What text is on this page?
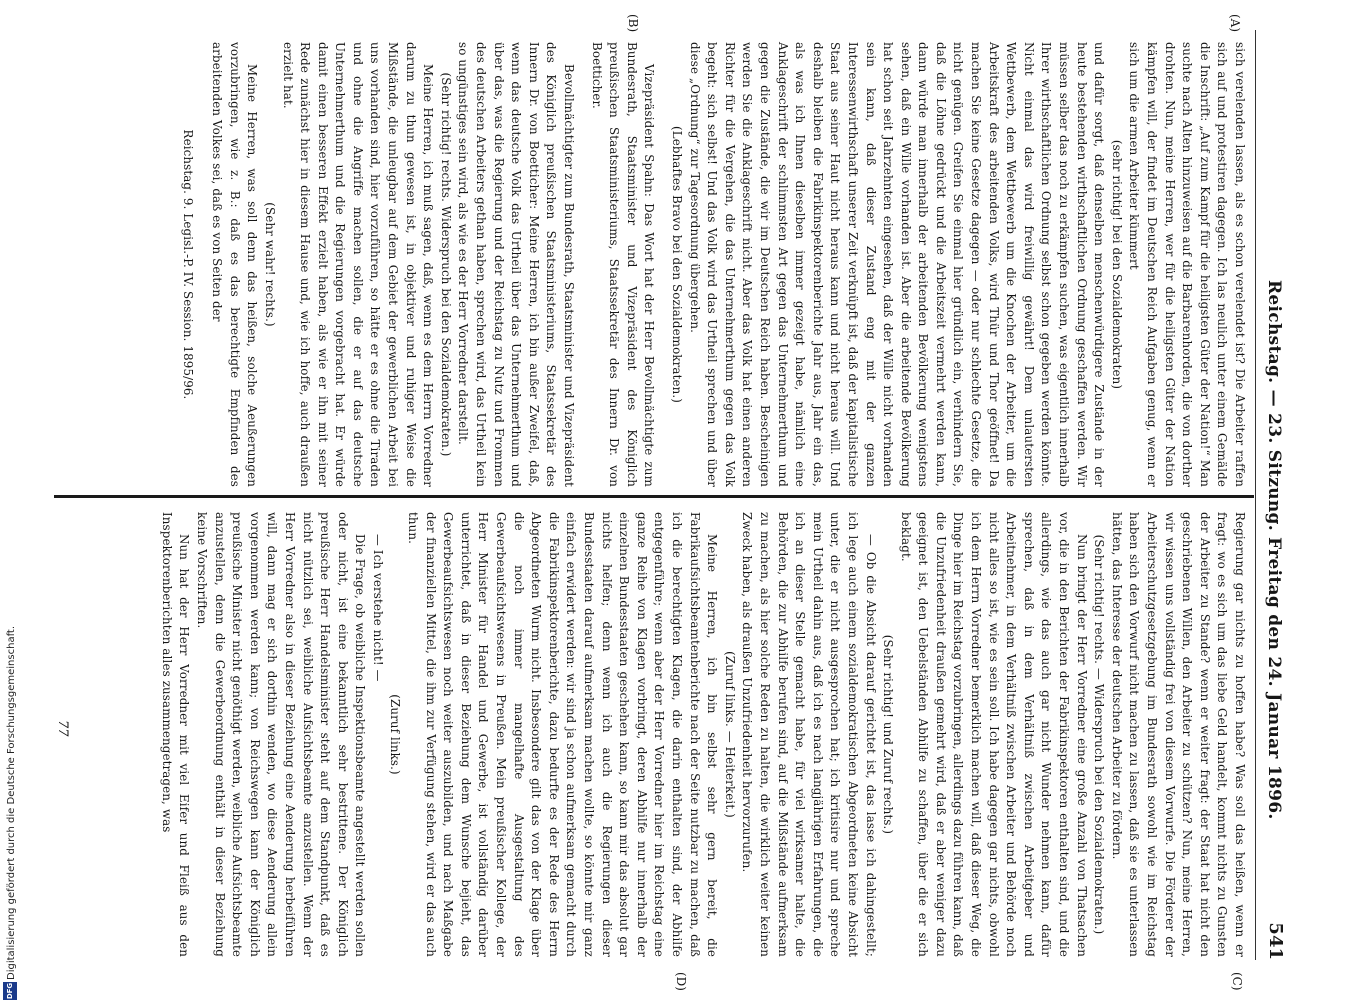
Reichstag. — 23. Sitzung. Freitag den 24. Januar 1896.
541
(A)
(B)
(C)
(D)

sich verelenden lassen, als es schon verelendet ist? Die Arbeiter raffen sich auf und protestiren dagegen. Ich las neulich unter einem Gemälde die Inschrift: „Auf zum Kampf für die heiligsten Güter der Nation!“ Man suchte nach Alten hinzuweisen auf die Barbarenhorden, die von dorther drohten. Nun, meine Herren, wer für die heiligsten Güter der Nation kämpfen will, der findet im Deutschen Reich Aufgaben genug, wenn er sich um die armen Arbeiter kümmert

(sehr richtig! bei den Sozialdemokraten)

und dafür sorgt, daß denselben menschenwürdigere Zustände in der heute bestehenden wirthschaftlichen Ordnung geschaffen werden. Wir müssen selber das noch zu erkämpfen suchen, was eigentlich innerhalb Ihrer wirthschaftlichen Ordnung selbst schon gegeben werden könnte. Nicht einmal das wird freiwillig gewährt! Dem unlautersten Wettbewerb, dem Wettbewerb um die Knochen der Arbeiter, um die Arbeitskraft des arbeitenden Volks, wird Thür und Thor geöffnet! Da machen Sie keine Gesetze dagegen — oder nur schlechte Gesetze, die nicht genügen. Greifen Sie einmal hier gründlich ein, verhindern Sie, daß die Löhne gedrückt und die Arbeitszeit vermehrt werden kann, dann würde man innerhalb der arbeitenden Bevölkerung wenigstens sehen, daß ein Wille vorhanden ist. Aber die arbeitende Bevölkerung hat schon seit Jahrzehnten eingesehen, daß der Wille nicht vorhanden sein kann, daß dieser Zustand eng mit der ganzen Interessenwirthschaft unserer Zeit verknüpft ist, daß der kapitalistische Staat aus seiner Haut nicht heraus kann und nicht heraus will. Und deshalb bleiben die Fabrikinspektorenberichte Jahr aus, Jahr ein das, als was ich Ihnen dieselben immer gezeigt habe, nämlich eine Anklageschrift der schlimmsten Art gegen das Unternehmerthum und gegen die Zustände, die wir im Deutschen Reich haben. Bescheinigen werden Sie die Anklageschrift nicht. Aber das Volk hat einen anderen Richter für die Vergehen, die das Unternehmerthum gegen das Volk begeht: sich selbst! Und das Volk wird das Urtheil sprechen und über diese „Ordnung“ zur Tagesordnung übergehen.

(Lebhaftes Bravo bei den Sozialdemokraten.)

Vizepräsident Spahn: Das Wort hat der Herr Bevollmächtigte zum Bundesrath, Staatsminister und Vizepräsident des Königlich preußischen Staatsministeriums, Staatssekretär des Innern Dr. von Boetticher.

Bevollmächtigter zum Bundesrath, Staatsminister und Vizepräsident des Königlich preußischen Staatsministeriums, Staatssekretär des Innern Dr. von Boetticher: Meine Herren, ich bin außer Zweifel, daß, wenn das deutsche Volk das Urtheil über das Unternehmerthum und über das, was die Regierung und der Reichstag zu Nutz und Frommen des deutschen Arbeiters gethan haben, sprechen wird, das Urtheil kein so ungünstiges sein wird, als wie es der Herr Vorredner darstellt.

(Sehr richtig! rechts. Widerspruch bei den Sozialdemokraten.)

Meine Herren, ich muß sagen, daß, wenn es dem Herrn Vorredner darum zu thun gewesen ist, in objektiver und ruhiger Weise die Mißstände, die unleugbar auf dem Gebiet der gewerblichen Arbeit bei uns vorhanden sind, hier vorzuführen, so hätte er es ohne die Tiraden und ohne die Angriffe machen sollen, die er auf das deutsche Unternehmerthum und die Regierungen vorgebracht hat. Er würde damit einen besseren Effekt erzielt haben, als wie er ihn mit seiner Rede zunächst hier in diesem Hause und, wie ich hoffe, auch draußen erzielt hat.

(Sehr wahr! rechts.)

Meine Herren, was soll denn das heißen, solche Aeußerungen vorzubringen, wie z. B.: daß es das berechtigte Empfinden des arbeitenden Volkes sei, daß es von Seiten der

Reichstag. 9. Legisl.-P. IV. Session. 1895/96.

Regierung gar nichts zu hoffen habe? Was soll das heißen, wenn er fragt: wo es sich um das liebe Geld handelt, kommt nichts zu Gunsten der Arbeiter zu Stande? wenn er weiter fragt: der Staat hat nicht den geschriebenen Willen, den Arbeiter zu schützen? Nun, meine Herren, wir wissen uns vollständig frei von diesem Vorwurfe. Die Förderer der Arbeiterschutzgesetzgebung im Bundesrath sowohl wie im Reichstag haben sich den Vorwurf nicht machen zu lassen, daß sie es unterlassen hätten, das Interesse der deutschen Arbeiter zu fördern.

(Sehr richtig! rechts. — Widerspruch bei den Sozialdemokraten.)

Nun bringt der Herr Vorredner eine große Anzahl von Thatsachen vor, die in den Berichten der Fabrikinspektoren enthalten sind, und die allerdings, wie das auch gar nicht Wunder nehmen kann, dafür sprechen, daß in dem Verhältniß zwischen Arbeitgeber und Arbeitnehmer, in dem Verhältniß zwischen Arbeiter und Behörde noch nicht alles so ist, wie es sein soll. Ich habe dagegen gar nichts, obwohl ich dem Herrn Vorredner bemerklich machen will, daß dieser Weg, die Dinge hier im Reichstag vorzubringen, allerdings dazu führen kann, daß die Unzufriedenheit draußen gemehrt wird, daß er aber weniger dazu geeignet ist, den Uebelständen Abhilfe zu schaffen, über die er sich beklagt.

(Sehr richtig! und Zuruf rechts.)

— Ob die Absicht darauf gerichtet ist, das lasse ich dahingestellt; ich lege auch einem sozialdemokratischen Abgeordneten keine Absicht unter, die er nicht ausgesprochen hat; ich kritisire nur und spreche mein Urtheil dahin aus, daß ich es nach langjährigen Erfahrungen, die ich an dieser Stelle gemacht habe, für viel wirksamer halte, die Behörden, die zur Abhilfe berufen sind, auf die Mißstände aufmerksam zu machen, als hier solche Reden zu halten, die wirklich weiter keinen Zweck haben, als draußen Unzufriedenheit hervorzurufen.

(Zuruf links. — Heiterkeit.)

Meine Herren, ich bin selbst sehr gern bereit, die Fabrikaufsichtsbeamtenberichte nach der Seite nutzbar zu machen, daß ich die berechtigten Klagen, die darin enthalten sind, der Abhilfe entgegenführe; wenn aber der Herr Vorredner hier im Reichstag eine ganze Reihe von Klagen vorbringt, deren Abhilfe nur innerhalb der einzelnen Bundesstaaten geschehen kann, so kann mir das absolut gar nichts helfen; denn wenn ich auch die Regierungen dieser Bundesstaaten darauf aufmerksam machen wollte, so könnte mir ganz einfach erwidert werden: wir sind ja schon aufmerksam gemacht durch die Fabrikinspektorenberichte, dazu bedurfte es der Rede des Herrn Abgeordneten Wurm nicht. Insbesondere gilt das von der Klage über die noch immer mangelhafte Ausgestaltung des Gewerbeaufsichtswesens in Preußen. Mein preußischer Kollege, der Herr Minister für Handel und Gewerbe, ist vollständig darüber unterrichtet, daß in dieser Beziehung dem Wunsche bejieht, das Gewerbeaufsichtswesen noch weiter auszubilden, und nach Maßgabe der finanziellen Mittel, die ihm zur Verfügung stehen, wird er das auch thun.

(Zuruf links.)

— Ich verstehe nicht! —

Die Frage, ob weibliche Inspektionsbeamte angestellt werden sollen oder nicht, ist eine bekanntlich sehr bestrittene. Der Königlich preußische Herr Handelsminister steht auf dem Standpunkt, daß es nicht nützlich sei, weibliche Aufsichtsbeamte anzustellen. Wenn der Herr Vorredner also in dieser Beziehung eine Aenderung herbeiführen will, dann mag er sich dorthin wenden, wo diese Aenderung allein vorgenommen werden kann; von Reichswegen kann der Königlich preußische Minister nicht genöthigt werden, weibliche Aufsichtsbeamte anzustellen, denn die Gewerbeordnung enthält in dieser Beziehung keine Vorschriften.

Nun hat der Herr Vorredner mit viel Eifer und Fleiß aus den Inspektorenberichten alles zusammengetragen, was

77
DFG
Digitalisierung gefördert durch die Deutsche Forschungsgemeinschaft.
